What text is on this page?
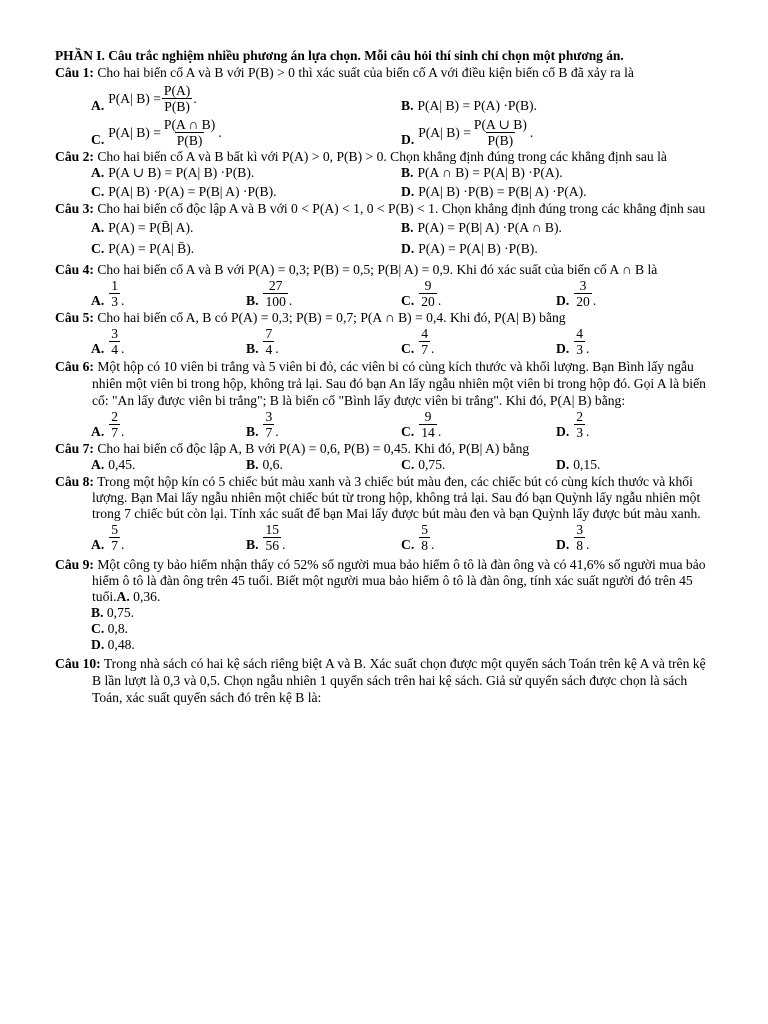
PHẦN I. Câu trắc nghiệm nhiều phương án lựa chọn. Mỗi câu hỏi thí sinh chỉ chọn một phương án.
Câu 1: Cho hai biến cố A và B với P(B) > 0 thì xác suất của biến cố A với điều kiện biến cố B đã xảy ra là
A. P(A| $B) = \frac{P(A)}{P(B)}$ .	B. P(A| B) = P(A) ·P(B).
C. P(A| $B) = \frac{P(A \cap B)}{P(B)}$ .	D. P(A| $B) = \frac{P(A \cup B)}{P(B)}$ .
Câu 2: Cho hai biến cố A và B bất kì với P(A) > 0, P(B) > 0. Chọn khẳng định đúng trong các khẳng định sau là
A. P(A ∪ B) = P(A| B) ·P(B).	B. P(A ∩ B) = P(A| B) ·P(A).
C. P(A| B) ·P(A) = P(B| A) ·P(B).	D. P(A| B) ·P(B) = P(B| A) ·P(A).
Câu 3: Cho hai biến cố độc lập A và B với 0 < P(A) < 1, 0 < P(B) < 1. Chọn khẳng định đúng trong các khẳng định sau
A. P(A) = P(B̄| A).	B. P(A) = P(B| A) ·P(A ∩ B).
C. P(A) = P(A| B̄).	D. P(A) = P(A| B) ·P(B).
Câu 4: Cho hai biến cố A và B với P(A) = 0,3; P(B) = 0,5; P(B| A) = 0,9. Khi đó xác suất của biến cố A ∩ B là
A. $\frac{1}{3}$ .	B. $\frac{27}{100}$ .	C. $\frac{9}{20}$ .	D. $\frac{3}{20}$ .
Câu 5: Cho hai biến cố A, B có P(A) = 0,3; P(B) = 0,7; P(A ∩ B) = 0,4. Khi đó, P(A| B) bằng
A. $\frac{3}{4}$ .	B. $\frac{7}{4}$ .	C. $\frac{4}{7}$ .	D. $\frac{4}{3}$ .
Câu 6: Một hộp có 10 viên bi trắng và 5 viên bi đỏ, các viên bi có cùng kích thước và khối lượng. Bạn Bình lấy ngẫu nhiên một viên bi trong hộp, không trả lại. Sau đó bạn An lấy ngẫu nhiên một viên bi trong hộp đó. Gọi A là biến cố: "An lấy được viên bi trắng"; B là biến cố "Bình lấy được viên bi trắng". Khi đó, P(A| B) bằng:
A. $\frac{2}{7}$ .	B. $\frac{3}{7}$ .	C. $\frac{9}{14}$ .	D. $\frac{2}{3}$ .
Câu 7: Cho hai biến cố độc lập A, B với P(A) = 0,6, P(B) = 0,45. Khi đó, P(B| A) bằng
A. 0,45.	B. 0,6.	C. 0,75.	D. 0,15.
Câu 8: Trong một hộp kín có 5 chiếc bút màu xanh và 3 chiếc bút màu đen, các chiếc bút có cùng kích thước và khối lượng. Bạn Mai lấy ngẫu nhiên một chiếc bút từ trong hộp, không trả lại. Sau đó bạn Quỳnh lấy ngẫu nhiên một trong 7 chiếc bút còn lại. Tính xác suất để bạn Mai lấy được bút màu đen và bạn Quỳnh lấy được bút màu xanh.
A. $\frac{5}{7}$ .	B. $\frac{15}{56}$ .	C. $\frac{5}{8}$ .	D. $\frac{3}{8}$ .
Câu 9: Một công ty bảo hiểm nhận thấy có 52% số người mua bảo hiểm ô tô là đàn ông và có 41,6% số người mua bảo hiểm ô tô là đàn ông trên 45 tuổi. Biết một người mua bảo hiểm ô tô là đàn ông, tính xác suất người đó trên 45 tuổi.A. 0,36.
B. 0,75.
C. 0,8.
D. 0,48.
Câu 10: Trong nhà sách có hai kệ sách riêng biệt A và B. Xác suất chọn được một quyển sách Toán trên kệ A và trên kệ B lần lượt là 0,3 và 0,5. Chọn ngẫu nhiên 1 quyển sách trên hai kệ sách. Giả sử quyển sách được chọn là sách Toán, xác suất quyển sách đó trên kệ B là:
